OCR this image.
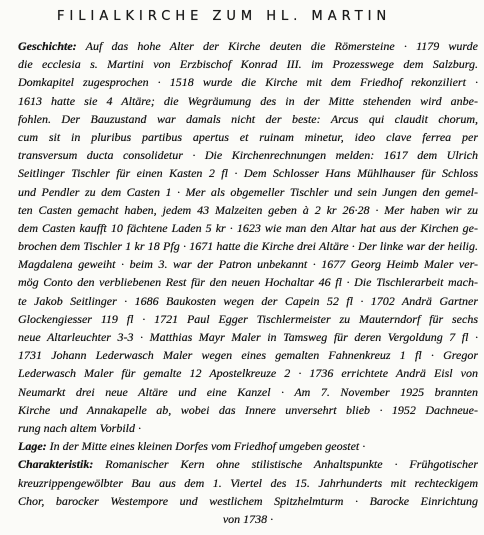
FILIALKIRCHE ZUM HL. MARTIN
Geschichte: Auf das hohe Alter der Kirche deuten die Römersteine · 1179 wurde
die ecclesia s. Martini von Erzbischof Konrad III. im Prozesswege dem Salzburg.
Domkapitel zugesprochen · 1518 wurde die Kirche mit dem Friedhof rekonziliert ·
1613 hatte sie 4 Altäre; die Wegräumung des in der Mitte stehenden wird anbe-
fohlen. Der Bauzustand war damals nicht der beste: Arcus qui claudit chorum,
cum sit in pluribus partibus apertus et ruinam minetur, ideo clave ferrea per
transversum ducta consolidetur · Die Kirchenrechnungen melden: 1617 dem Ulrich
Seitlinger Tischler für einen Kasten 2 fl · Dem Schlosser Hans Mühlhauser für Schloss
und Pendler zu dem Casten 1 · Mer als obgemeller Tischler und sein Jungen den gemel-
ten Casten gemacht haben, jedem 43 Malzeiten geben à 2 kr 26·28 · Mer haben wir zu
dem Casten kaufft 10 fächtene Laden 5 kr · 1623 wie man den Altar hat aus der Kirchen ge-
brochen dem Tischler 1 kr 18 Pfg · 1671 hatte die Kirche drei Altäre · Der linke war der heilig.
Magdalena geweiht · beim 3. war der Patron unbekannt · 1677 Georg Heimb Maler ver-
mög Conto den verbliebenen Rest für den neuen Hochaltar 46 fl · Die Tischlerarbeit mach-
te Jakob Seitlinger · 1686 Baukosten wegen der Capein 52 fl · 1702 Andrä Gartner
Glockengiesser 119 fl · 1721 Paul Egger Tischlermeister zu Mauterndorf für sechs
neue Altarleuchter 3-3 · Matthias Mayr Maler in Tamsweg für deren Vergoldung 7 fl ·
1731 Johann Lederwasch Maler wegen eines gemalten Fahnenkreuz 1 fl · Gregor
Lederwasch Maler für gemalte 12 Apostelkreuze 2 · 1736 errichtete Andrä Eisl von
Neumarkt drei neue Altäre und eine Kanzel · Am 7. November 1925 brannten
Kirche und Annakapelle ab, wobei das Innere unversehrt blieb · 1952 Dachneue-
rung nach altem Vorbild ·
Lage: In der Mitte eines kleinen Dorfes vom Friedhof umgeben geostet ·
Charakteristik: Romanischer Kern ohne stilistische Anhaltspunkte · Frühgotischer
kreuzrippengewölbter Bau aus dem 1. Viertel des 15. Jahrhunderts mit rechteckigem
Chor, barocker Westempore und westlichem Spitzhelmturm · Barocke Einrichtung
von 1738 ·
